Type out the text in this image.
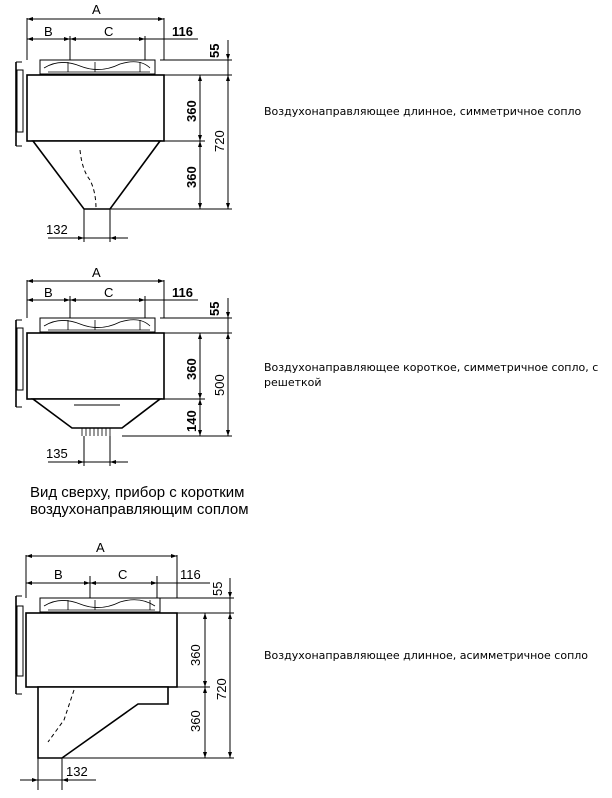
A
B	C	116
55
360
720
360
132
A
B	C	116
55
360
500
140
135
A
B	C	116
55
360
720
360
132
Воздухонаправляющее длинное, симметричное сопло
Воздухонаправляющее короткое, симметричное сопло, с решеткой
Воздухонаправляющее длинное, асимметричное сопло
Вид сверху, прибор с коротким воздухонаправляющим соплом
